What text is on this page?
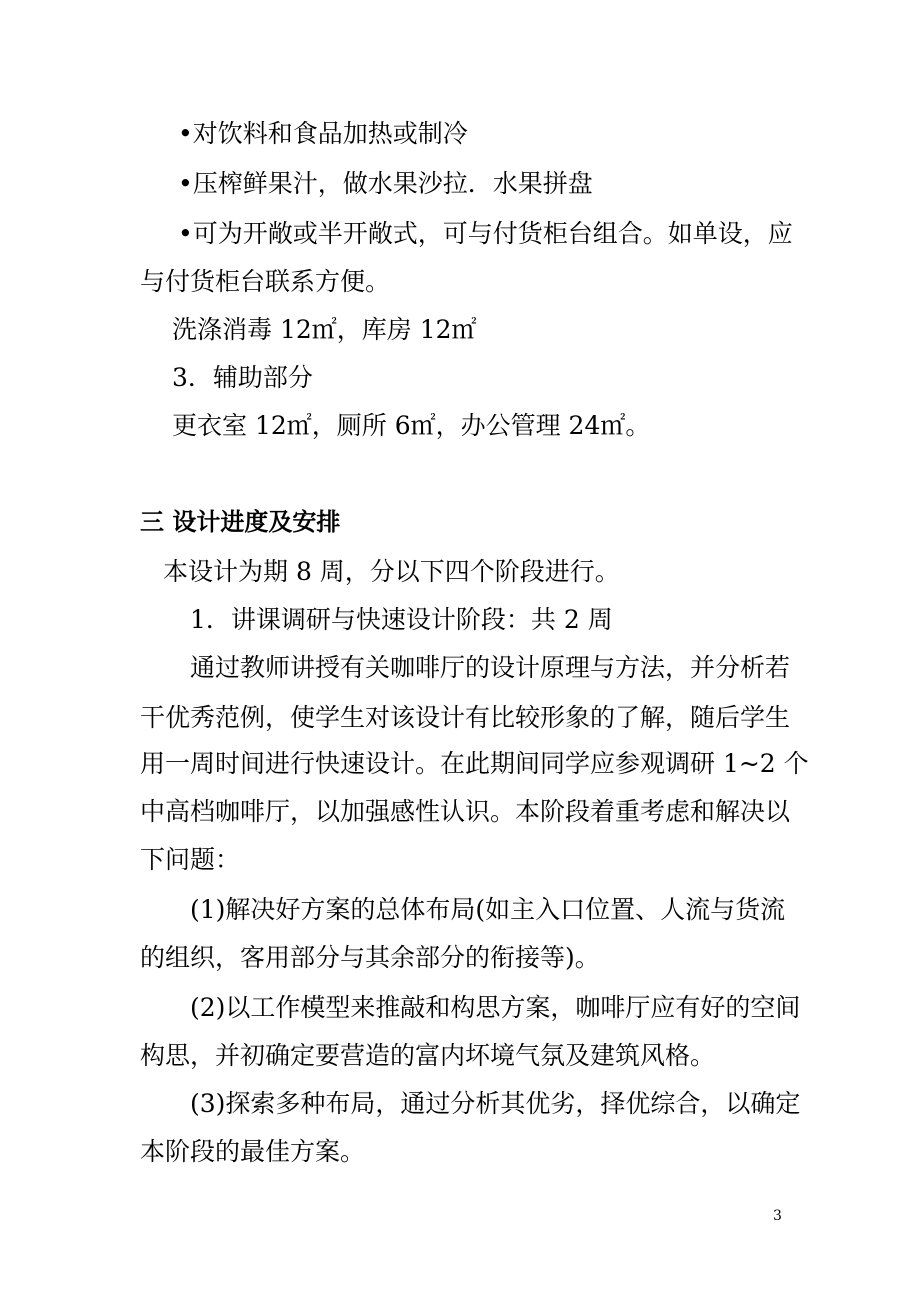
•对饮料和食品加热或制冷
•压榨鲜果汁，做水果沙拉．水果拼盘
•可为开敞或半开敞式，可与付货柜台组合。如单设，应
与付货柜台联系方便。
洗涤消毒 12㎡，库房 12㎡
3．辅助部分
更衣室 12㎡，厕所 6㎡，办公管理 24㎡。
三 设计进度及安排
本设计为期 8 周，分以下四个阶段进行。
1．讲课调研与快速设计阶段：共 2 周
通过教师讲授有关咖啡厅的设计原理与方法，并分析若
干优秀范例，使学生对该设计有比较形象的了解，随后学生
用一周时间进行快速设计。在此期间同学应参观调研 1~2 个
中高档咖啡厅，以加强感性认识。本阶段着重考虑和解决以
下问题：
(1)解决好方案的总体布局(如主入口位置、人流与货流
的组织，客用部分与其余部分的衔接等)。
(2)以工作模型来推敲和构思方案，咖啡厅应有好的空间
构思，并初确定要营造的富内坏境气氛及建筑风格。
(3)探索多种布局，通过分析其优劣，择优综合，以确定
本阶段的最佳方案。
3
